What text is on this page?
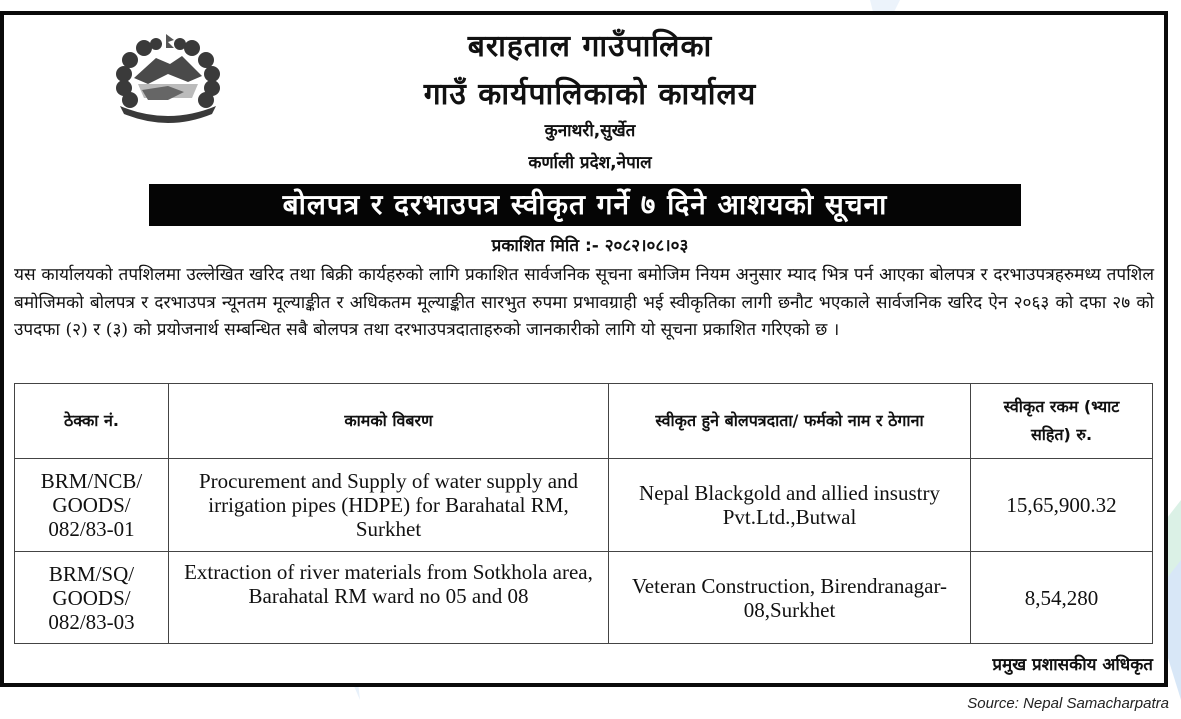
बराहताल गाउँपालिका
गाउँ कार्यपालिकाको कार्यालय
कुनाथरी,सुर्खेत
कर्णाली प्रदेश,नेपाल
बोलपत्र र दरभाउपत्र स्वीकृत गर्ने ७ दिने आशयको सूचना
प्रकाशित मिति :- २०८२।०८।०३

यस कार्यालयको तपशिलमा उल्लेखित खरिद तथा बिक्री कार्यहरुको लागि प्रकाशित सार्वजनिक सूचना बमोजिम नियम अनुसार म्याद भित्र पर्न आएका बोलपत्र र दरभाउपत्रहरुमध्य तपशिल बमोजिमको बोलपत्र र दरभाउपत्र न्यूनतम मूल्याङ्कीत र अधिकतम मूल्याङ्कीत सारभुत रुपमा प्रभावग्राही भई स्वीकृतिका लागी छनौट भएकाले सार्वजनिक खरिद ऐन २०६३ को दफा २७ को उपदफा (२) र (३) को प्रयोजनार्थ सम्बन्धित सबै बोलपत्र तथा दरभाउपत्रदाताहरुको जानकारीको लागि यो सूचना प्रकाशित गरिएको छ ।

ठेक्का नं.	कामको विबरण	स्वीकृत हुने बोलपत्रदाता/ फर्मको नाम र ठेगाना	स्वीकृत रकम (भ्याट सहित) रु.
BRM/NCB/ GOODS/ 082/83-01	Procurement and Supply of water supply and irrigation pipes (HDPE) for Barahatal RM, Surkhet	Nepal Blackgold and allied insustry Pvt.Ltd.,Butwal	15,65,900.32
BRM/SQ/ GOODS/ 082/83-03	Extraction of river materials from Sotkhola area, Barahatal RM ward no 05 and 08	Veteran Construction, Birendranagar-08,Surkhet	8,54,280
प्रमुख प्रशासकीय अधिकृत
Source: Nepal Samacharpatra
